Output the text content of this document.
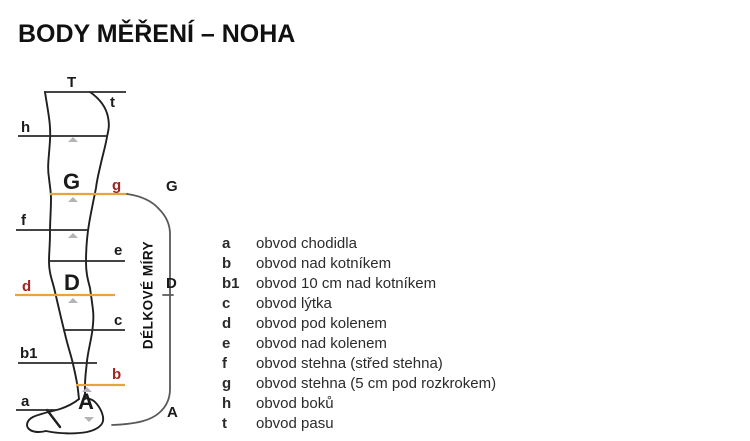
BODY MĚŘENÍ – NOHA
T
t
h
G g
f
e
d D
c
b1
b
a A
G
D
A
DÉLKOVÉ MÍRY	a	obvod chodidla
b	obvod nad kotníkem
b1	obvod 10 cm nad kotníkem
c	obvod lýtka
d	obvod pod kolenem
e	obvod nad kolenem
f	obvod stehna (střed stehna)
g	obvod stehna (5 cm pod rozkrokem)
h	obvod boků
t	obvod pasu
